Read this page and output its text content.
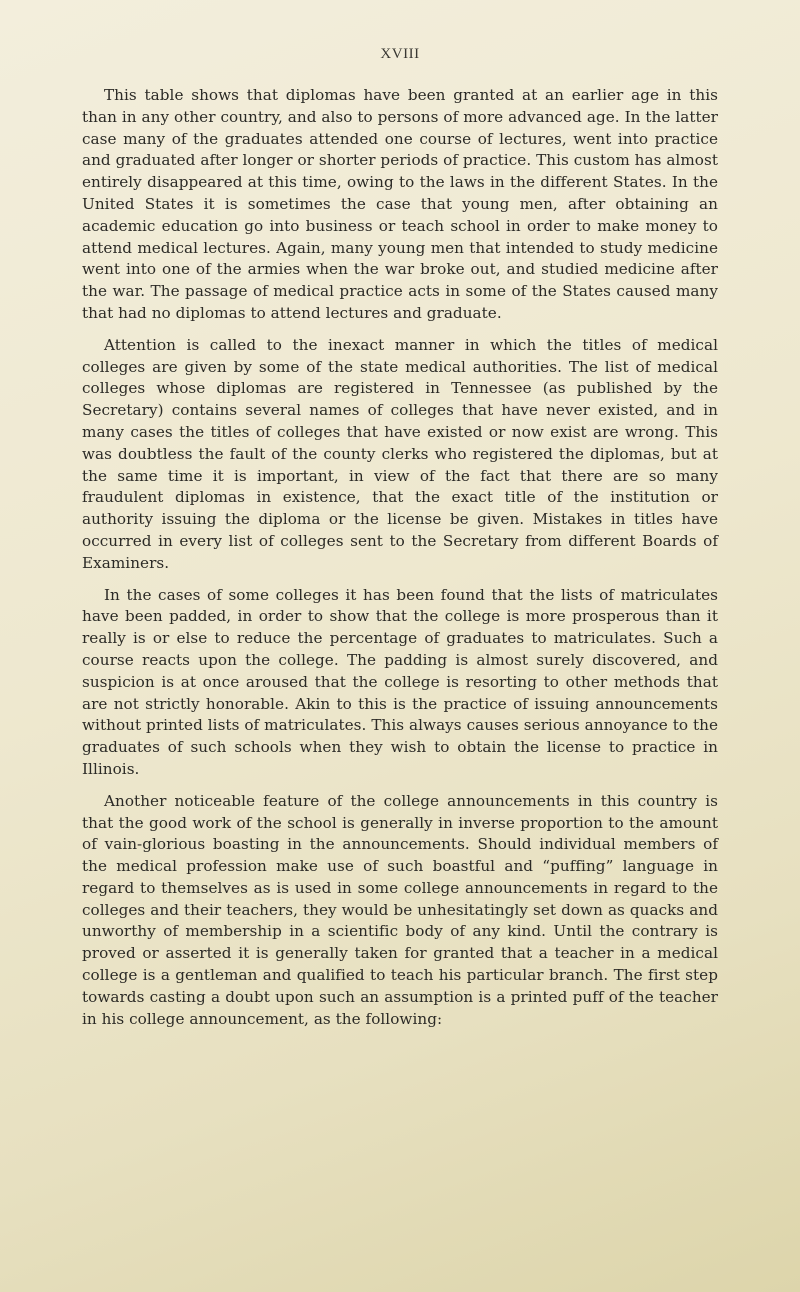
XVIII

This table shows that diplomas have been granted at an earlier age in this than in any other country, and also to persons of more advanced age. In the latter case many of the graduates attended one course of lectures, went into practice and graduated after longer or shorter periods of practice. This custom has almost entirely disappeared at this time, owing to the laws in the different States. In the United States it is sometimes the case that young men, after obtaining an academic education go into business or teach school in order to make money to attend medical lectures. Again, many young men that intended to study medicine went into one of the armies when the war broke out, and studied medicine after the war. The passage of medical practice acts in some of the States caused many that had no diplomas to attend lectures and graduate.

Attention is called to the inexact manner in which the titles of medical colleges are given by some of the state medical authorities. The list of medical colleges whose diplomas are registered in Tennessee (as published by the Secretary) contains several names of colleges that have never existed, and in many cases the titles of colleges that have existed or now exist are wrong. This was doubtless the fault of the county clerks who registered the diplomas, but at the same time it is important, in view of the fact that there are so many fraudulent diplomas in existence, that the exact title of the institution or authority issuing the diploma or the license be given. Mistakes in titles have occurred in every list of colleges sent to the Secretary from different Boards of Examiners.

In the cases of some colleges it has been found that the lists of matriculates have been padded, in order to show that the college is more prosperous than it really is or else to reduce the percentage of graduates to matriculates. Such a course reacts upon the college. The padding is almost surely discovered, and suspicion is at once aroused that the college is resorting to other methods that are not strictly honorable. Akin to this is the practice of issuing announcements without printed lists of matriculates. This always causes serious annoyance to the graduates of such schools when they wish to obtain the license to practice in Illinois.

Another noticeable feature of the college announcements in this country is that the good work of the school is generally in inverse proportion to the amount of vain-glorious boasting in the announcements. Should individual members of the medical profession make use of such boastful and “puffing” language in regard to themselves as is used in some college announcements in regard to the colleges and their teachers, they would be unhesitatingly set down as quacks and unworthy of membership in a scientific body of any kind. Until the contrary is proved or asserted it is generally taken for granted that a teacher in a medical college is a gentleman and qualified to teach his particular branch. The first step towards casting a doubt upon such an assumption is a printed puff of the teacher in his college announcement, as the following:
